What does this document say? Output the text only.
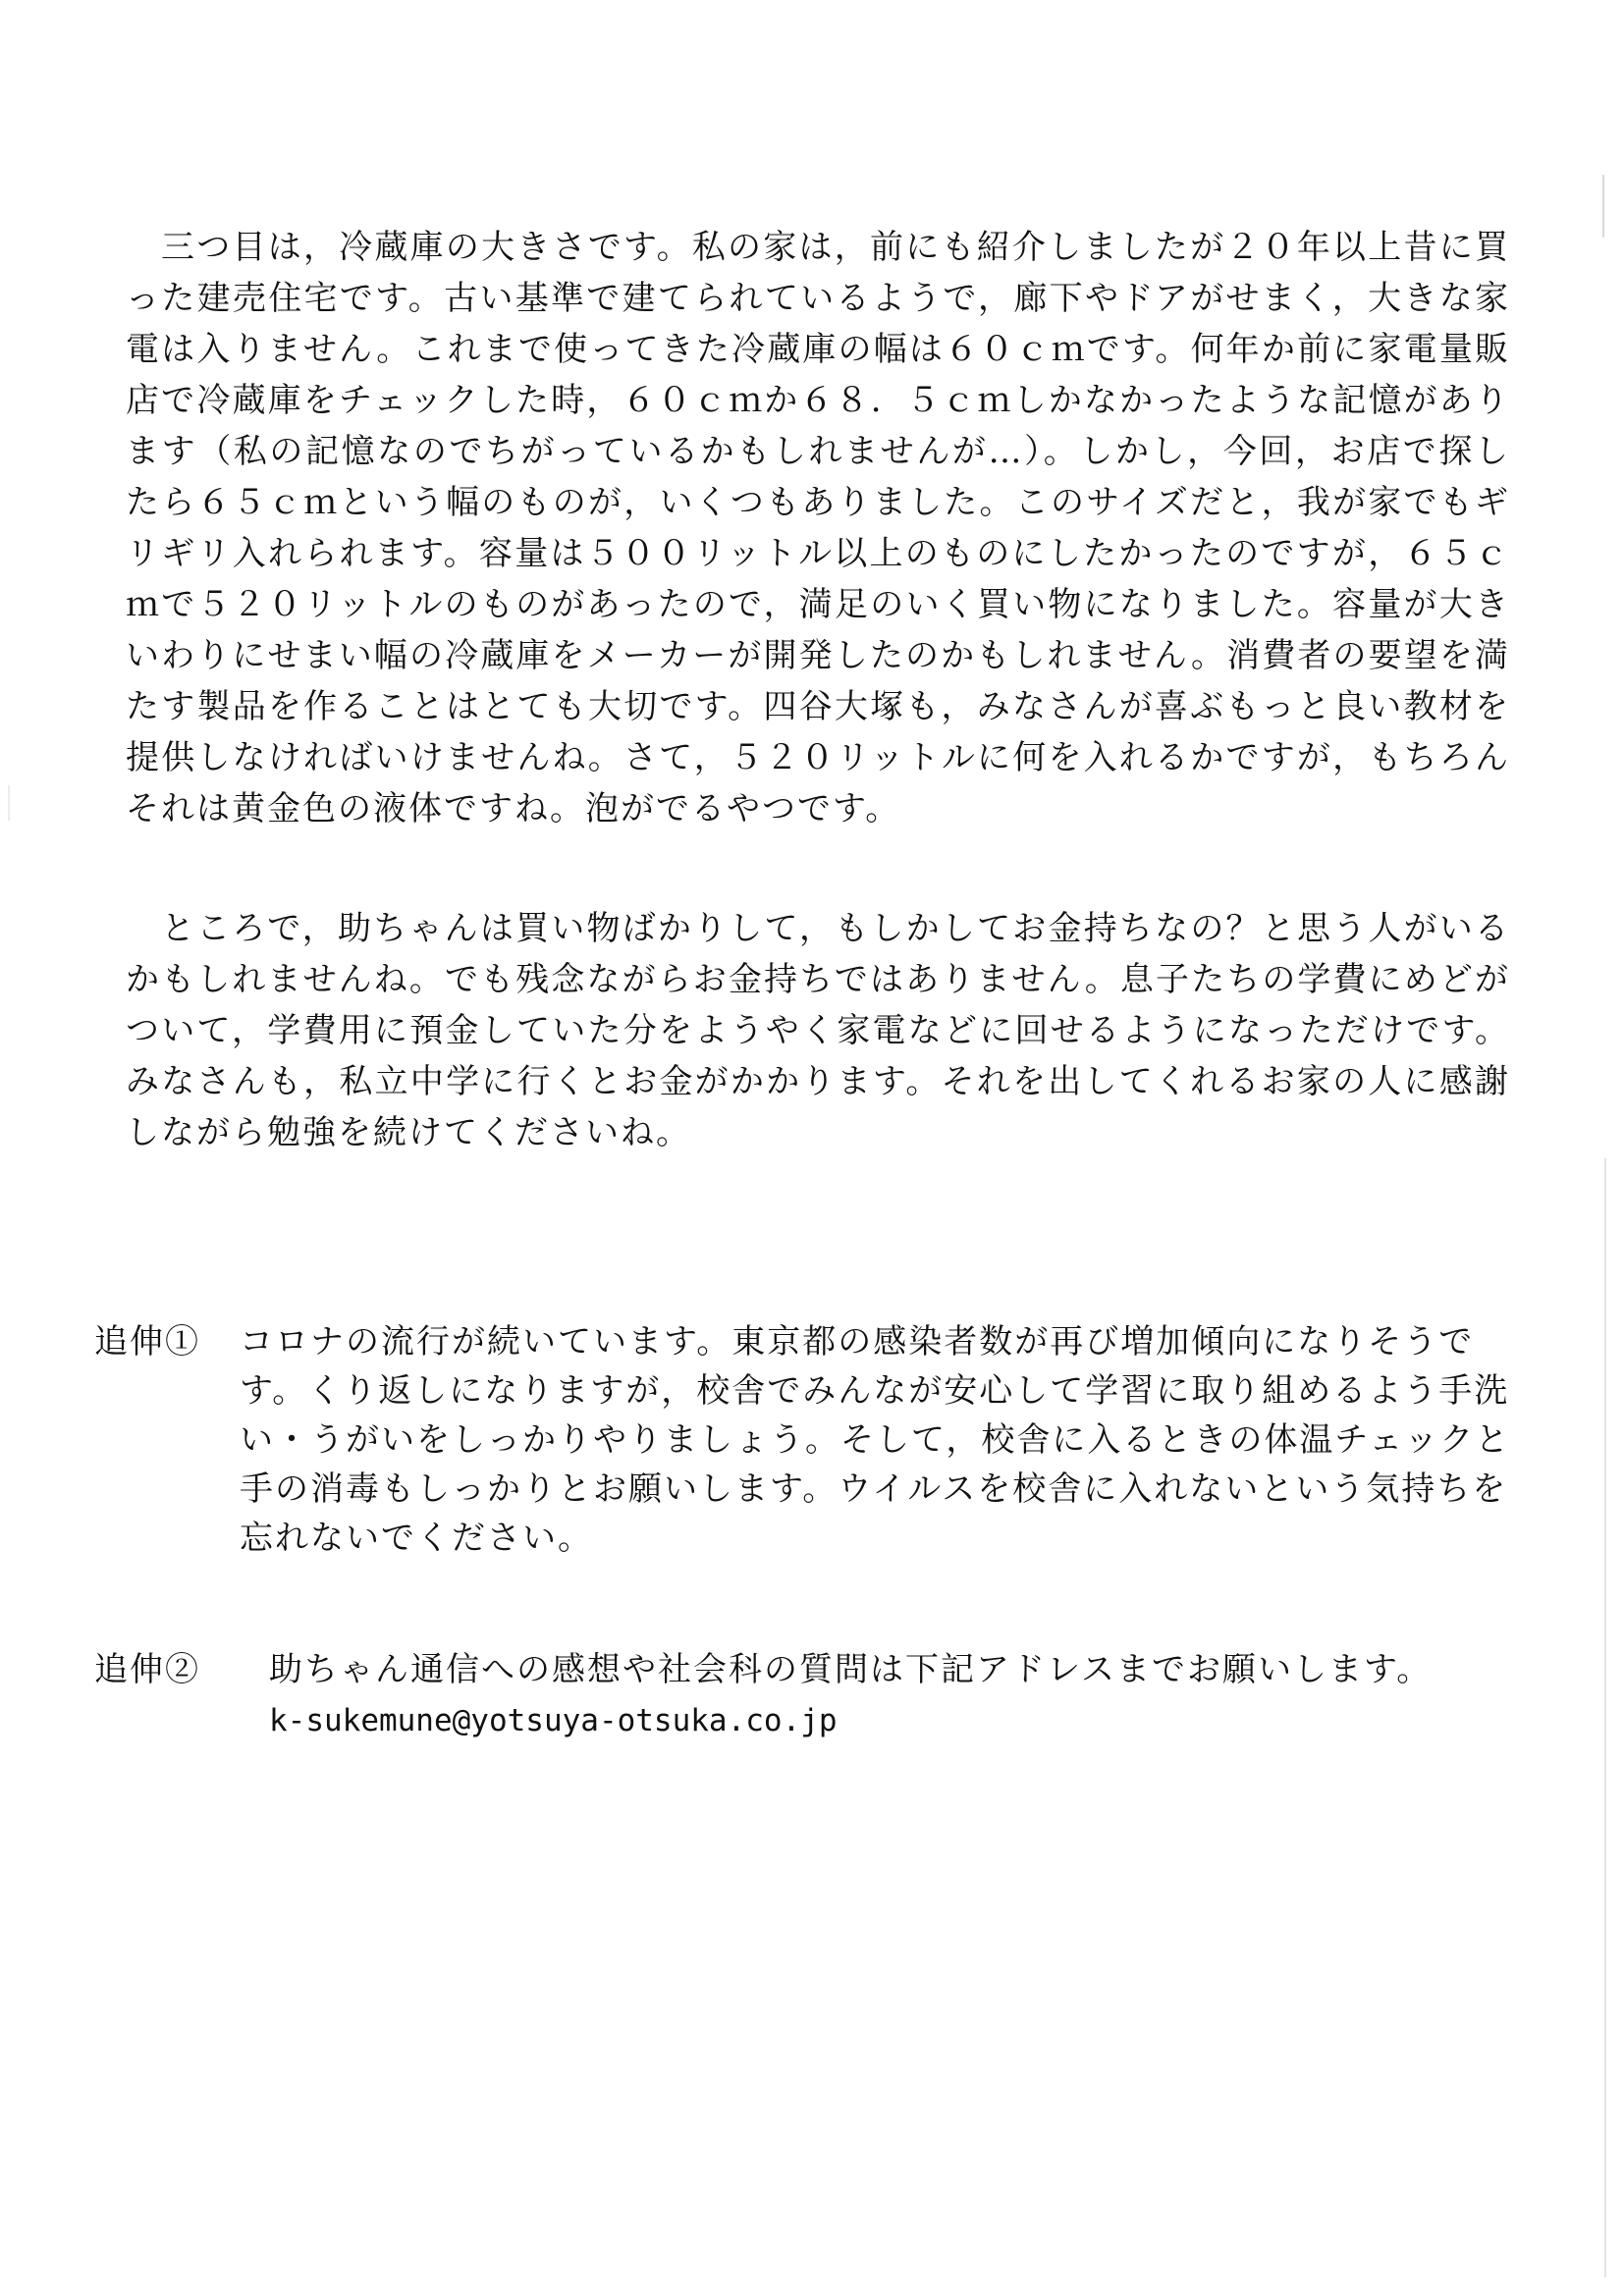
三つ目は，冷蔵庫の大きさです。私の家は，前にも紹介しましたが２０年以上昔に買った建売住宅です。古い基準で建てられているようで，廊下やドアがせまく，大きな家電は入りません。これまで使ってきた冷蔵庫の幅は６０ｃｍです。何年か前に家電量販店で冷蔵庫をチェックした時，６０ｃｍか６８．５ｃｍしかなかったような記憶があります（私の記憶なのでちがっているかもしれませんが…）。しかし，今回，お店で探したら６５ｃｍという幅のものが，いくつもありました。このサイズだと，我が家でもギリギリ入れられます。容量は５００リットル以上のものにしたかったのですが，６５ｃｍで５２０リットルのものがあったので，満足のいく買い物になりました。容量が大きいわりにせまい幅の冷蔵庫をメーカーが開発したのかもしれません。消費者の要望を満たす製品を作ることはとても大切です。四谷大塚も，みなさんが喜ぶもっと良い教材を提供しなければいけませんね。さて，５２０リットルに何を入れるかですが，もちろんそれは黄金色の液体ですね。泡がでるやつです。

ところで，助ちゃんは買い物ばかりして，もしかしてお金持ちなの？と思う人がいるかもしれませんね。でも残念ながらお金持ちではありません。息子たちの学費にめどがついて，学費用に預金していた分をようやく家電などに回せるようになっただけです。みなさんも，私立中学に行くとお金がかかります。それを出してくれるお家の人に感謝しながら勉強を続けてくださいね。

追伸① コロナの流行が続いています。東京都の感染者数が再び増加傾向になりそうです。くり返しになりますが，校舎でみんなが安心して学習に取り組めるよう手洗い・うがいをしっかりやりましょう。そして，校舎に入るときの体温チェックと手の消毒もしっかりとお願いします。ウイルスを校舎に入れないという気持ちを忘れないでください。
追伸② 助ちゃん通信への感想や社会科の質問は下記アドレスまでお願いします。
k-sukemune@yotsuya-otsuka.co.jp
